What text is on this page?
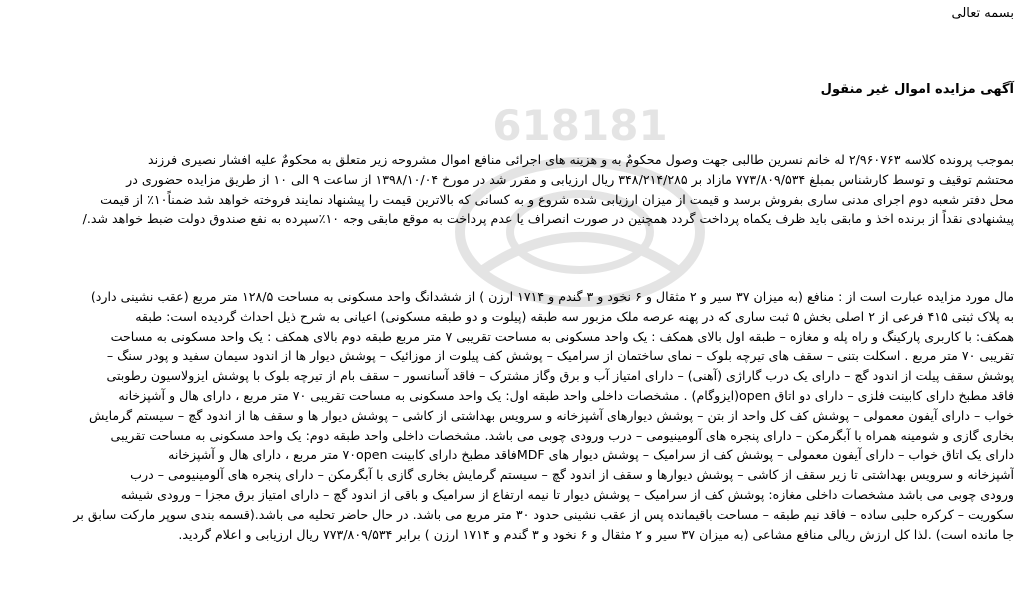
618181
بسمه تعالی
آگهی مزایده اموال غیر منقول

بموجب پرونده کلاسه ۲/۹۶۰۷۶۳ له خانم نسرین طالبی جهت وصول محکومٌ به و هزینه های اجرائی منافع اموال مشروحه زیر متعلق به محکومٌ علیه افشار نصیری فرزند
محتشم توقیف و توسط کارشناس بمبلغ ۷۷۳/۸۰۹/۵۳۴ مازاد بر ۳۴۸/۲۱۴/۲۸۵ ریال ارزیابی و مقرر شد در مورخ ۱۳۹۸/۱۰/۰۴ از ساعت ۹ الی ۱۰ از طریق مزایده حضوری در
محل دفتر شعبه دوم اجرای مدنی ساری بفروش برسد و قیمت از میزان ارزیابی شده شروع و به کسانی که بالاترین قیمت را پیشنهاد نمایند فروخته خواهد شد ضمناً۱۰٪ از قیمت
پیشنهادی نقداً از برنده اخذ و مابقی باید ظرف یکماه پرداخت گردد همچنین در صورت انصراف یا عدم پرداخت به موقع مابقی وجه ۱۰٪سپرده به نفع صندوق دولت ضبط خواهد شد./

مال مورد مزایده عبارت است از : منافع (به میزان ۳۷ سیر و ۲ مثقال و ۶ نخود و ۳ گندم و ۱۷۱۴ ارزن ) از ششدانگ واحد مسکونی به مساحت ۱۲۸/۵ متر مربع (عقب نشینی دارد)
به پلاک ثبتی ۴۱۵ فرعی از ۲ اصلی بخش ۵ ثبت ساری که در پهنه عرصه ملک مزبور سه طبقه (پیلوت و دو طبقه مسکونی) اعیانی به شرح ذیل احداث گردیده است: طبقه
همکف: با کاربری پارکینگ و راه پله و مغازه – طبقه اول بالای همکف : یک واحد مسکونی به مساحت تقریبی ۷ متر مربع طبقه دوم بالای همکف : یک واحد مسکونی به مساحت
تقریبی ۷۰ متر مربع . اسکلت بتنی – سقف های تیرچه بلوک – نمای ساختمان از سرامیک – پوشش کف پیلوت از موزائیک – پوشش دیوار ها از اندود سیمان سفید و پودر سنگ –
پوشش سقف پیلت از اندود گچ – دارای یک درب گاراژی (آهنی) – دارای امتیاز آب و برق وگاز مشترک – فاقد آسانسور – سقف بام از تیرچه بلوک با پوشش ایزولاسیون رطوبتی
فاقد مطبخ دارای کابینت فلزی – دارای دو اتاق open(ایزوگام) . مشخصات داخلی واحد طبقه اول: یک واحد مسکونی به مساحت تقریبی ۷۰ متر مربع ، دارای هال و آشپزخانه
خواب – دارای آیفون معمولی – پوشش کف کل واحد از بتن – پوشش دیوارهای آشپزخانه و سرویس بهداشتی از کاشی – پوشش دیوار ها و سقف ها از اندود گچ – سیستم گرمایش
بخاری گازی و شومینه همراه با آبگرمکن – دارای پنجره های آلومینیومی – درب ورودی چوبی می باشد. مشخصات داخلی واحد طبقه دوم: یک واحد مسکونی به مساحت تقریبی
دارای یک اتاق خواب – دارای آیفون معمولی – پوشش کف از سرامیک – پوشش دیوار های MDFفاقد مطبخ دارای کابینت ۷۰open متر مربع ، دارای هال و آشپزخانه
آشپزخانه و سرویس بهداشتی تا زیر سقف از کاشی – پوشش دیوارها و سقف از اندود گچ – سیستم گرمایش بخاری گازی با آبگرمکن – دارای پنجره های آلومینیومی – درب
ورودی چوبی می باشد مشخصات داخلی مغازه: پوشش کف از سرامیک – پوشش دیوار تا نیمه ارتفاع از سرامیک و باقی از اندود گچ – دارای امتیاز برق مجزا – ورودی شیشه
سکوریت – کرکره حلبی ساده – فاقد نیم طبقه – مساحت باقیمانده پس از عقب نشینی حدود ۳۰ متر مربع می باشد. در حال حاضر تحلیه می باشد.(قسمه بندی سوپر مارکت سابق بر
جا مانده است) .لذا کل ارزش ریالی منافع مشاعی (به میزان ۳۷ سیر و ۲ مثقال و ۶ نخود و ۳ گندم و ۱۷۱۴ ارزن ) برابر ۷۷۳/۸۰۹/۵۳۴ ریال ارزیابی و اعلام گردید.
